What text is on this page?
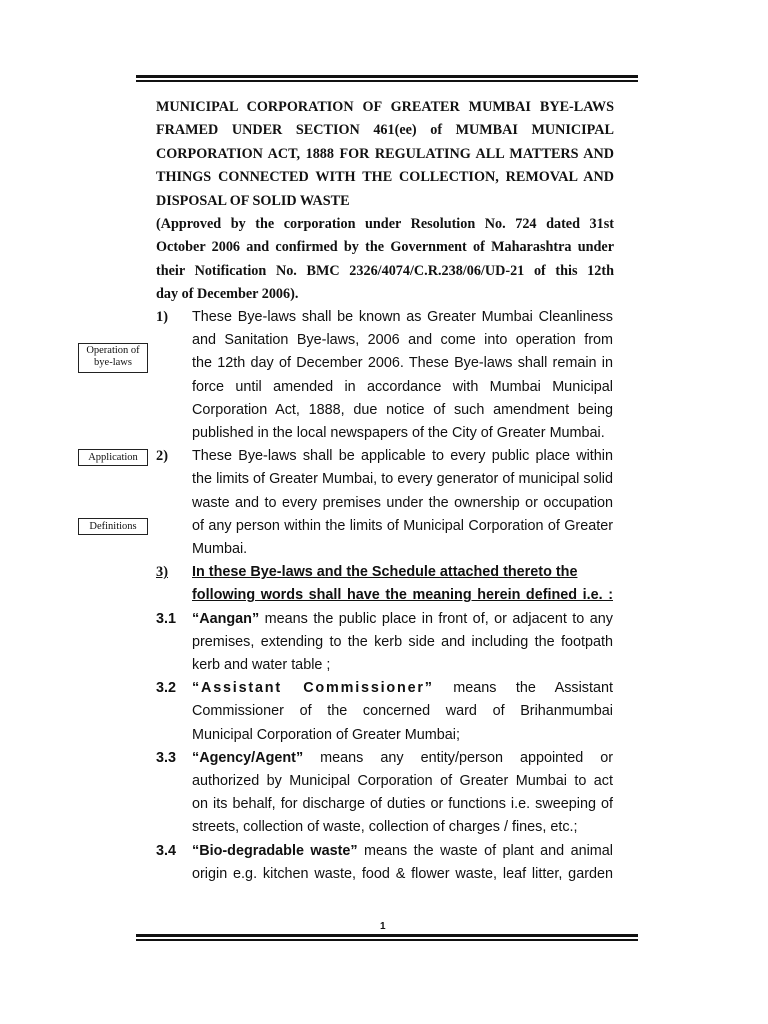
MUNICIPAL CORPORATION OF GREATER MUMBAI BYE-LAWS
FRAMED UNDER SECTION 461(ee) of MUMBAI MUNICIPAL
CORPORATION ACT, 1888 FOR REGULATING ALL MATTERS AND
THINGS CONNECTED WITH THE COLLECTION, REMOVAL AND
DISPOSAL OF SOLID WASTE
(Approved by the corporation under Resolution No. 724 dated 31st
October 2006 and confirmed by the Government of Maharashtra under
their Notification No. BMC 2326/4074/C.R.238/06/UD-21 of this 12th
day of December 2006).
Operation of
bye-laws
Application
Definitions
1) These Bye-laws shall be known as Greater Mumbai Cleanliness
and Sanitation Bye-laws, 2006 and come into operation from
the 12th day of December 2006. These Bye-laws shall remain in
force until amended in accordance with Mumbai Municipal
Corporation Act, 1888, due notice of such amendment being
published in the local newspapers of the City of Greater Mumbai.
2) These Bye-laws shall be applicable to every public place within
the limits of Greater Mumbai, to every generator of municipal solid
waste and to every premises under the ownership or occupation
of any person within the limits of Municipal Corporation of Greater
Mumbai.
3) In these Bye-laws and the Schedule attached thereto the
following words shall have the meaning herein defined i.e. :
3.1 “Aangan” means the public place in front of, or adjacent to any
premises, extending to the kerb side and including the footpath
kerb and water table ;
3.2 “Assistant Commissioner” means the Assistant
Commissioner of the concerned ward of Brihanmumbai
Municipal Corporation of Greater Mumbai;
3.3 “Agency/Agent” means any entity/person appointed or
authorized by Municipal Corporation of Greater Mumbai to act
on its behalf, for discharge of duties or functions i.e. sweeping of
streets, collection of waste, collection of charges / fines, etc.;
3.4 “Bio-degradable waste” means the waste of plant and animal
origin e.g. kitchen waste, food & flower waste, leaf litter, garden
1
